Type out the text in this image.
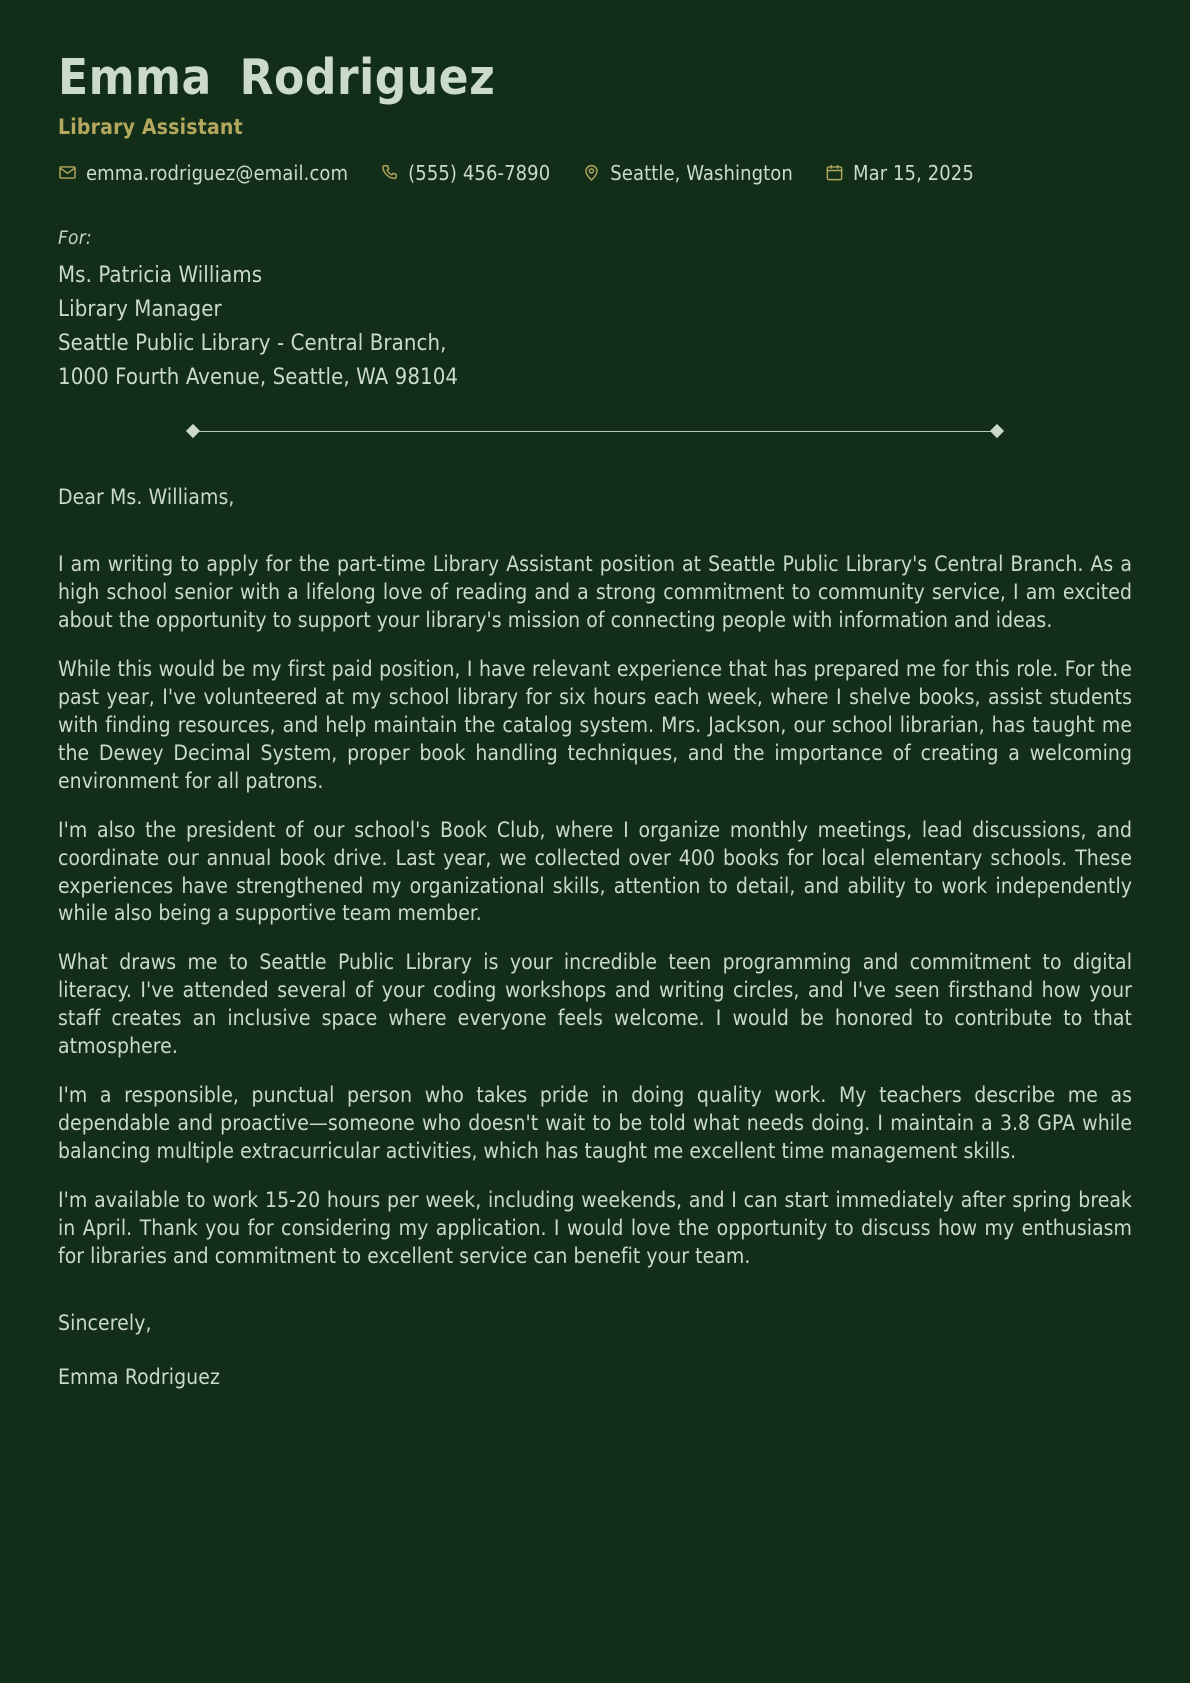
Emma Rodriguez
Library Assistant
emma.rodriguez@email.com	(555) 456-7890	Seattle, Washington	Mar 15, 2025
For:
Ms. Patricia Williams
Library Manager
Seattle Public Library - Central Branch,
1000 Fourth Avenue, Seattle, WA 98104
Dear Ms. Williams,

I am writing to apply for the part-time Library Assistant position at Seattle Public Library's Central Branch. As a high school senior with a lifelong love of reading and a strong commitment to community service, I am excited about the opportunity to support your library's mission of connecting people with information and ideas.

While this would be my first paid position, I have relevant experience that has prepared me for this role. For the past year, I've volunteered at my school library for six hours each week, where I shelve books, assist students with finding resources, and help maintain the catalog system. Mrs. Jackson, our school librarian, has taught me the Dewey Decimal System, proper book handling techniques, and the importance of creating a welcoming environment for all patrons.

I'm also the president of our school's Book Club, where I organize monthly meetings, lead discussions, and coordinate our annual book drive. Last year, we collected over 400 books for local elementary schools. These experiences have strengthened my organizational skills, attention to detail, and ability to work independently while also being a supportive team member.

What draws me to Seattle Public Library is your incredible teen programming and commitment to digital literacy. I've attended several of your coding workshops and writing circles, and I've seen firsthand how your staff creates an inclusive space where everyone feels welcome. I would be honored to contribute to that atmosphere.

I'm a responsible, punctual person who takes pride in doing quality work. My teachers describe me as dependable and proactive—someone who doesn't wait to be told what needs doing. I maintain a 3.8 GPA while balancing multiple extracurricular activities, which has taught me excellent time management skills.

I'm available to work 15-20 hours per week, including weekends, and I can start immediately after spring break in April. Thank you for considering my application. I would love the opportunity to discuss how my enthusiasm for libraries and commitment to excellent service can benefit your team.

Sincerely,
Emma Rodriguez
